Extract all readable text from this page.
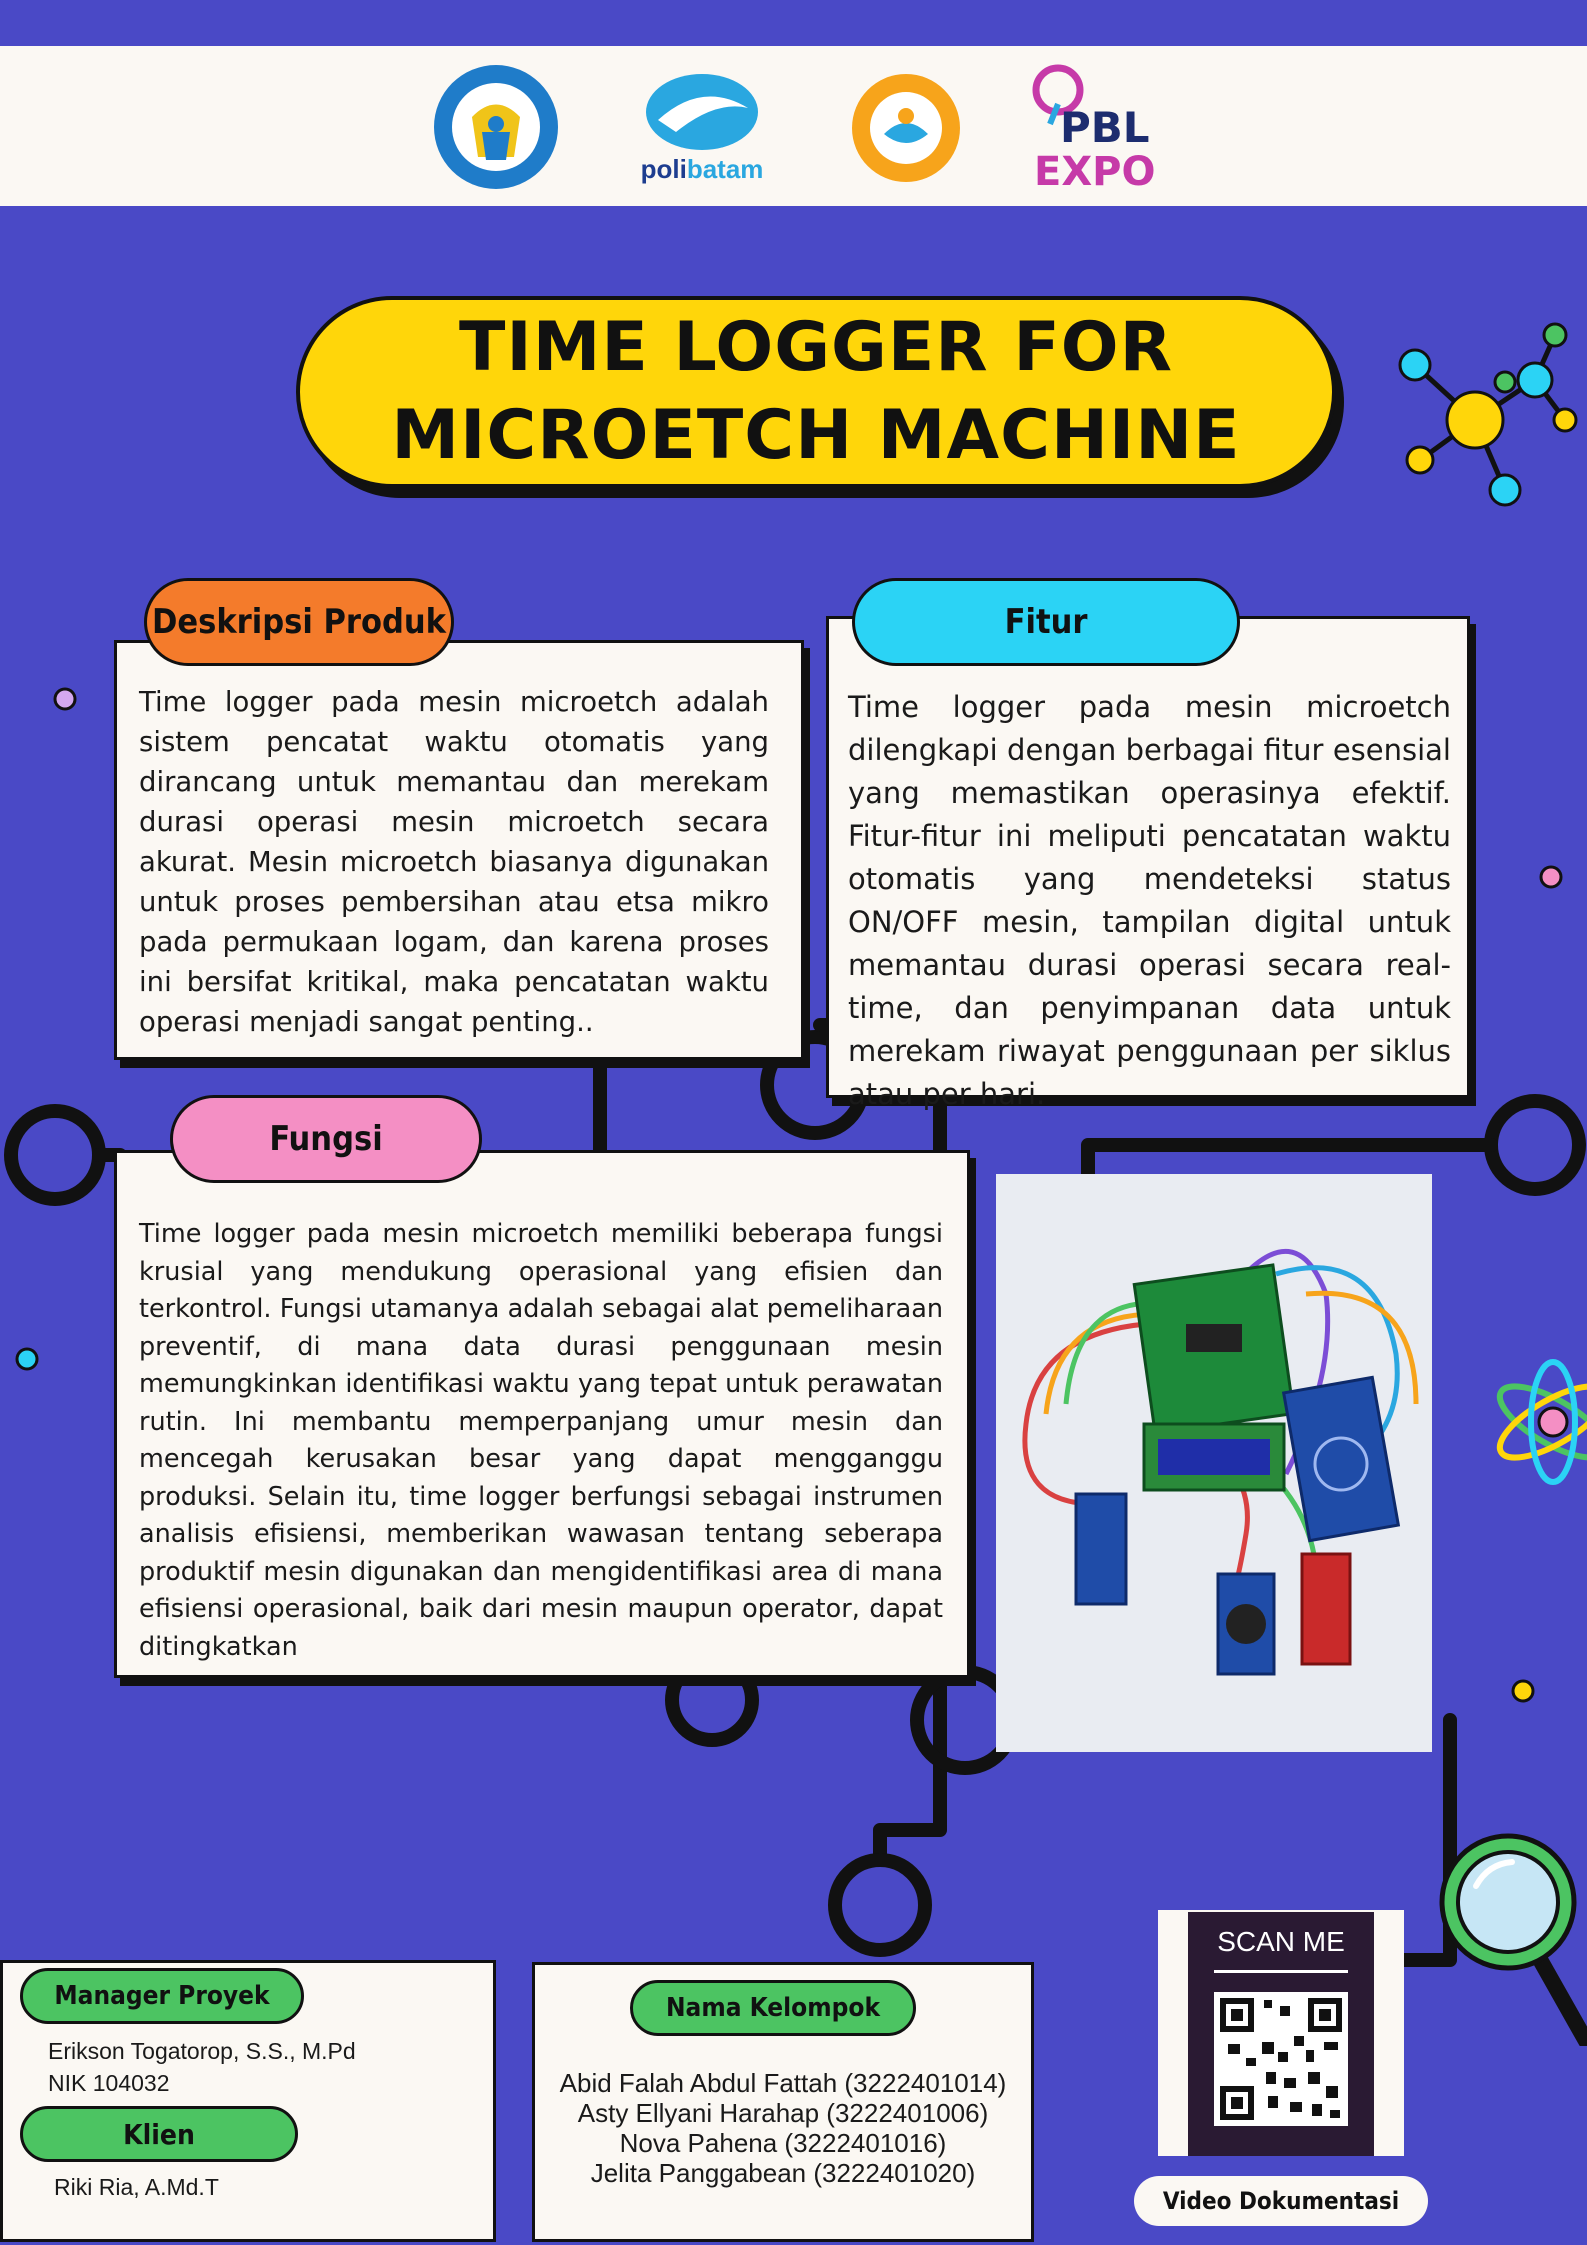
polibatam
PBL
EXPO
TIME LOGGER FOR
MICROETCH MACHINE
Deskripsi Produk
Time logger pada mesin microetch adalah sistem pencatat waktu otomatis yang dirancang untuk memantau dan merekam durasi operasi mesin microetch secara akurat. Mesin microetch biasanya digunakan untuk proses pembersihan atau etsa mikro pada permukaan logam, dan karena proses ini bersifat kritikal, maka pencatatan waktu operasi menjadi sangat penting..
Fitur
Time logger pada mesin microetch dilengkapi dengan berbagai fitur esensial yang memastikan operasinya efektif. Fitur-fitur ini meliputi pencatatan waktu otomatis yang mendeteksi status ON/OFF mesin, tampilan digital untuk memantau durasi operasi secara real-time, dan penyimpanan data untuk merekam riwayat penggunaan per siklus atau per hari.
Fungsi
Time logger pada mesin microetch memiliki beberapa fungsi krusial yang mendukung operasional yang efisien dan terkontrol. Fungsi utamanya adalah sebagai alat pemeliharaan preventif, di mana data durasi penggunaan mesin memungkinkan identifikasi waktu yang tepat untuk perawatan rutin. Ini membantu memperpanjang umur mesin dan mencegah kerusakan besar yang dapat mengganggu produksi. Selain itu, time logger berfungsi sebagai instrumen analisis efisiensi, memberikan wawasan tentang seberapa produktif mesin digunakan dan mengidentifikasi area di mana efisiensi operasional, baik dari mesin maupun operator, dapat ditingkatkan
Manager Proyek
Erikson Togatorop, S.S., M.Pd
NIK 104032
Klien
Riki Ria, A.Md.T
Nama Kelompok
Abid Falah Abdul Fattah (3222401014)
Asty Ellyani Harahap (3222401006)
Nova Pahena (3222401016)
Jelita Panggabean (3222401020)
SCAN ME
Video Dokumentasi
